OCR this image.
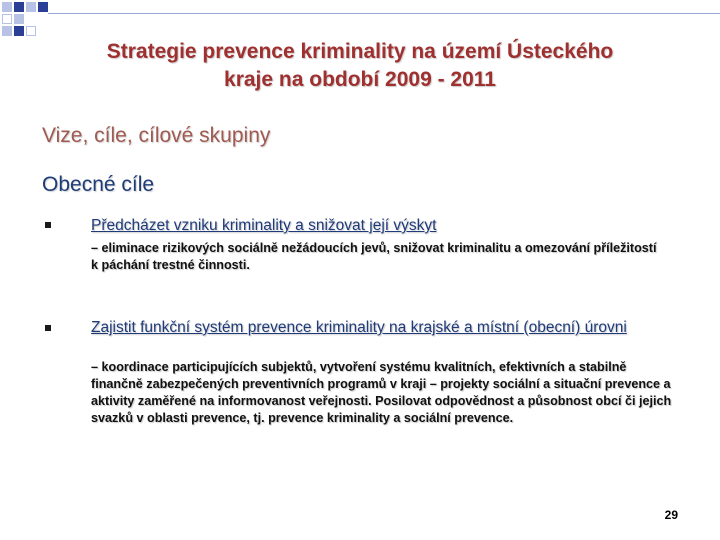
Strategie prevence kriminality na území Ústeckého
kraje na období 2009 - 2011
Vize, cíle, cílové skupiny
Obecné cíle
Předcházet vzniku kriminality a snižovat její výskyt
– eliminace rizikových sociálně nežádoucích jevů, snižovat kriminalitu a omezování příležitostí k páchání trestné činnosti.
Zajistit funkční systém prevence kriminality na krajské a místní (obecní) úrovni
– koordinace participujících subjektů, vytvoření systému kvalitních, efektivních a stabilně finančně zabezpečených preventivních programů v kraji – projekty sociální a situační prevence a aktivity zaměřené na informovanost veřejnosti. Posilovat odpovědnost a působnost obcí či jejich svazků v oblasti prevence, tj. prevence kriminality a sociální prevence.
29
